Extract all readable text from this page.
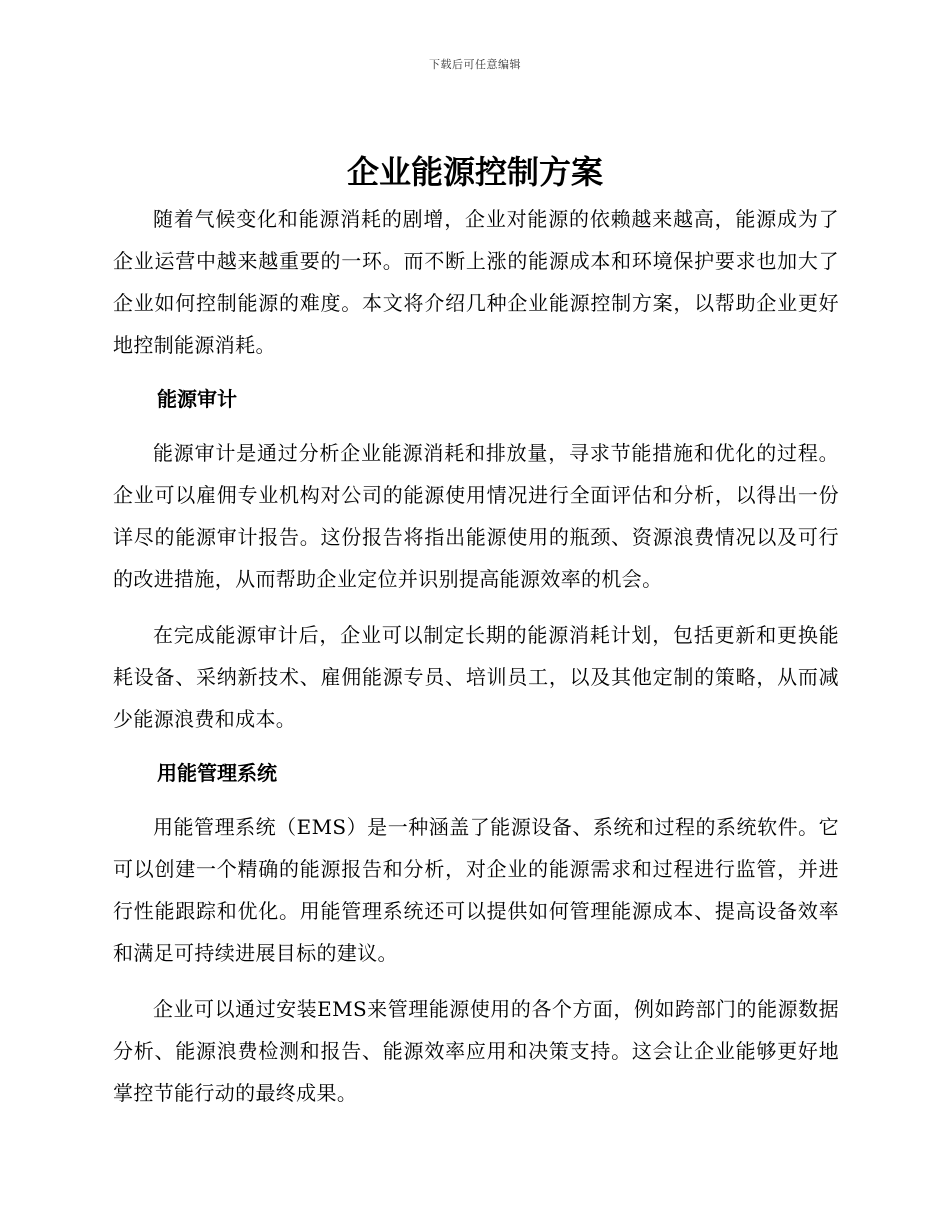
下载后可任意编辑
企业能源控制方案

随着气候变化和能源消耗的剧增，企业对能源的依赖越来越高，能源成为了企业运营中越来越重要的一环。而不断上涨的能源成本和环境保护要求也加大了企业如何控制能源的难度。本文将介绍几种企业能源控制方案，以帮助企业更好地控制能源消耗。

能源审计

能源审计是通过分析企业能源消耗和排放量，寻求节能措施和优化的过程。企业可以雇佣专业机构对公司的能源使用情况进行全面评估和分析，以得出一份详尽的能源审计报告。这份报告将指出能源使用的瓶颈、资源浪费情况以及可行的改进措施，从而帮助企业定位并识别提高能源效率的机会。

在完成能源审计后，企业可以制定长期的能源消耗计划，包括更新和更换能耗设备、采纳新技术、雇佣能源专员、培训员工，以及其他定制的策略，从而减少能源浪费和成本。

用能管理系统

用能管理系统（EMS）是一种涵盖了能源设备、系统和过程的系统软件。它可以创建一个精确的能源报告和分析，对企业的能源需求和过程进行监管，并进行性能跟踪和优化。用能管理系统还可以提供如何管理能源成本、提高设备效率和满足可持续进展目标的建议。

企业可以通过安装EMS来管理能源使用的各个方面，例如跨部门的能源数据分析、能源浪费检测和报告、能源效率应用和决策支持。这会让企业能够更好地掌控节能行动的最终成果。
